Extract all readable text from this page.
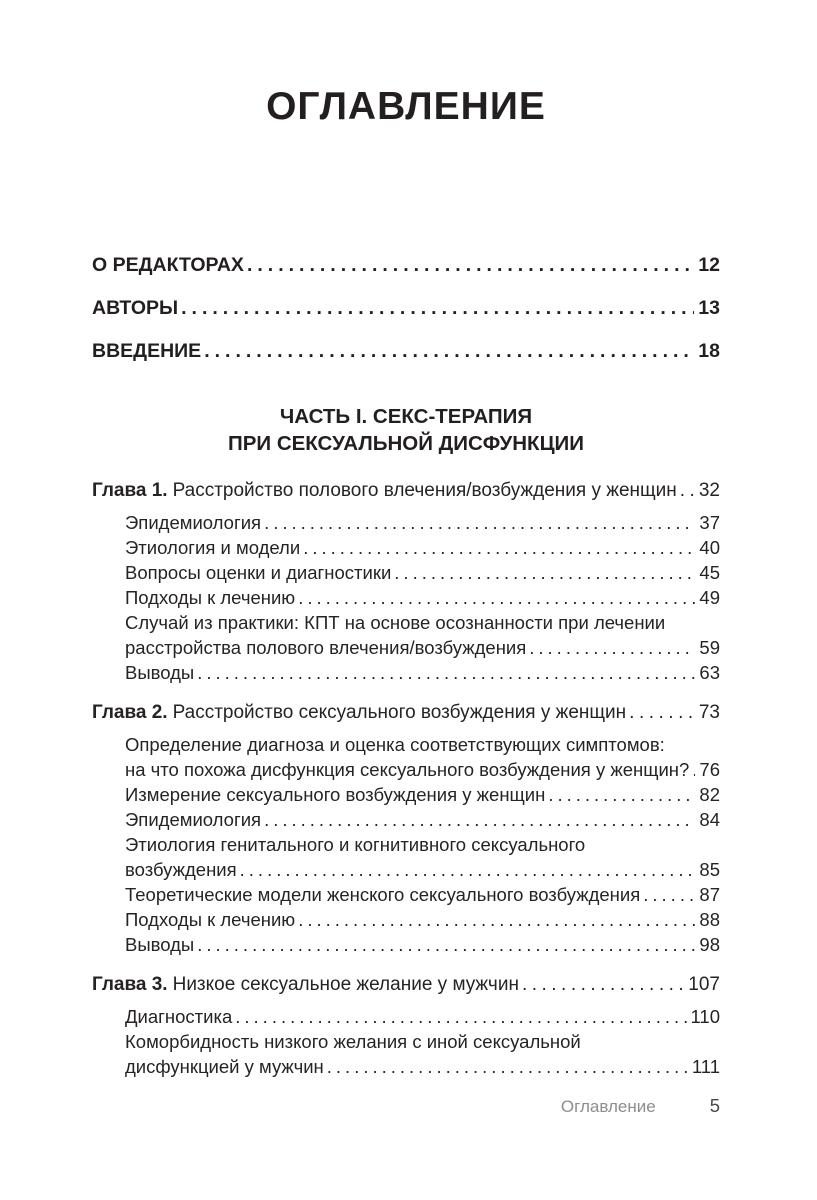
ОГЛАВЛЕНИЕ
О РЕДАКТОРАХ .....	12
АВТОРЫ .....	13
ВВЕДЕНИЕ .....	18
ЧАСТЬ I. СЕКС-ТЕРАПИЯ
ПРИ СЕКСУАЛЬНОЙ ДИСФУНКЦИИ
Глава 1. Расстройство полового влечения/возбуждения у женщин ..... 32
Эпидемиология .....	37
Этиология и модели .....	40
Вопросы оценки и диагностики .....	45
Подходы к лечению .....	49
Случай из практики: КПТ на основе осознанности при лечении
расстройства полового влечения/возбуждения .....	59
Выводы .....	63
Глава 2. Расстройство сексуального возбуждения у женщин .....	73
Определение диагноза и оценка соответствующих симптомов:
на что похожа дисфункция сексуального возбуждения у женщин? ..... 76
Измерение сексуального возбуждения у женщин .....	82
Эпидемиология .....	84
Этиология генитального и когнитивного сексуального
возбуждения .....	85
Теоретические модели женского сексуального возбуждения .....	87
Подходы к лечению .....	88
Выводы .....	98
Глава 3. Низкое сексуальное желание у мужчин .....	107
Диагностика .....	110
Коморбидность низкого желания с иной сексуальной
дисфункцией у мужчин .....	111
Оглавление	5
